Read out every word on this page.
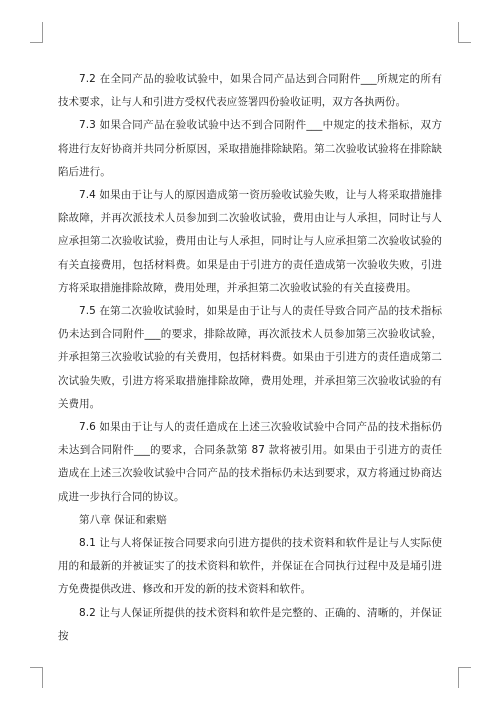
7.2 在全同产品的验收试验中，如果合同产品达到合同附件___所规定的所有技术要求，让与人和引进方受权代表应签署四份验收证明，双方各执两份。

7.3 如果合同产品在验收试验中达不到合同附件___中规定的技术指标，双方将进行友好协商并共同分析原因，采取措施排除缺陷。第二次验收试验将在排除缺陷后进行。

7.4 如果由于让与人的原因造成第一资历验收试验失败，让与人将采取措施排除故障，并再次派技术人员参加到二次验收试验，费用由让与人承担，同时让与人应承担第二次验收试验，费用由让与人承担，同时让与人应承担第二次验收试验的有关直接费用，包括材料费。如果是由于引进方的责任造成第一次验收失败，引进方将采取措施排除故障，费用处理，并承担第二次验收试验的有关直接费用。

7.5 在第二次验收试验时，如果是由于让与人的责任导致合同产品的技术指标仍未达到合同附件___的要求，排除故障，再次派技术人员参加第三次验收试验，并承担第三次验收试验的有关费用，包括材料费。如果由于引进方的责任造成第二次试验失败，引进方将采取措施排除故障，费用处理，并承担第三次验收试验的有关费用。

7.6 如果由于让与人的责任造成在上述三次验收试验中合同产品的技术指标仍未达到合同附件___的要求，合同条款第 87 款将被引用。如果由于引进方的责任造成在上述三次验收试验中合同产品的技术指标仍未达到要求，双方将通过协商达成进一步执行合同的协议。

第八章 保证和索赔

8.1 让与人将保证按合同要求向引进方提供的技术资料和软件是让与人实际使用的和最新的并被证实了的技术资料和软件，并保证在合同执行过程中及是埇引进方免费提供改进、修改和开发的新的技术资料和软件。

8.2 让与人保证所提供的技术资料和软件是完整的、正确的、清晰的，并保证按
